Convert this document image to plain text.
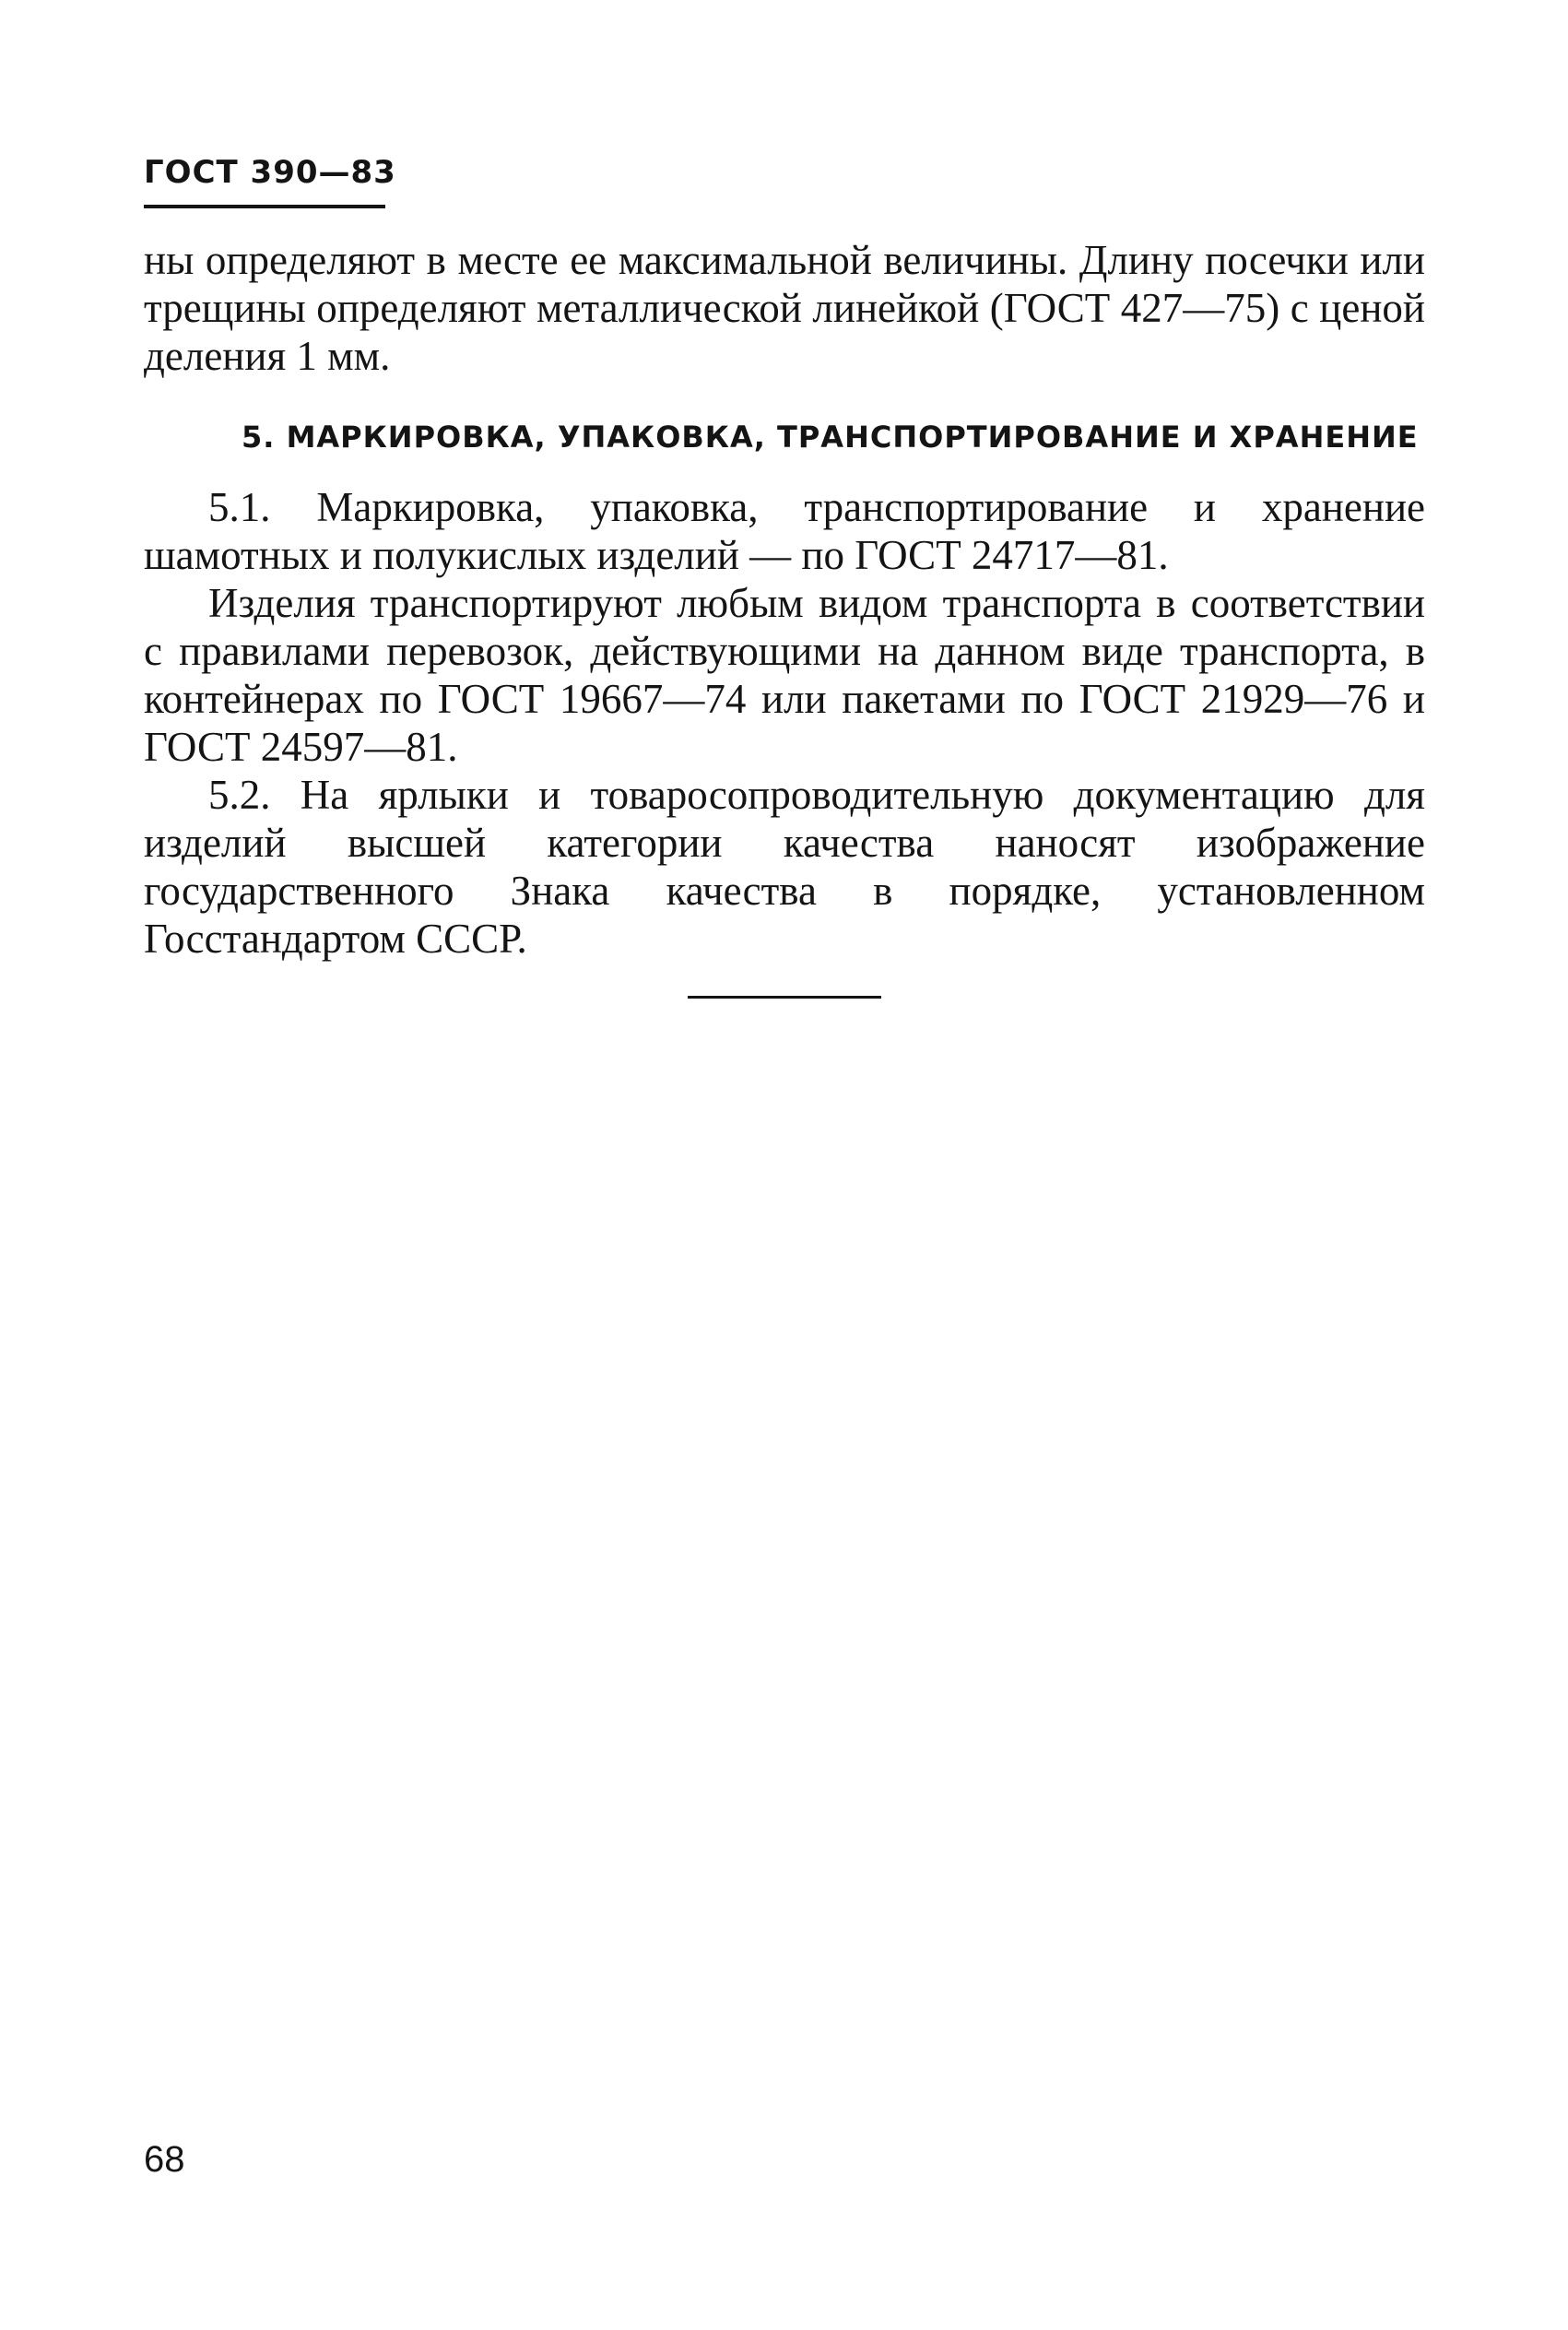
ГОСТ 390—83

ны определяют в месте ее максимальной величины. Длину посечки или трещины определяют металлической линейкой (ГОСТ 427—75) с ценой деления 1 мм.

5. МАРКИРОВКА, УПАКОВКА, ТРАНСПОРТИРОВАНИЕ И ХРАНЕНИЕ

5.1. Маркировка, упаковка, транспортирование и хранение шамотных и полукислых изделий — по ГОСТ 24717—81.

Изделия транспортируют любым видом транспорта в соответствии с правилами перевозок, действующими на данном виде транспорта, в контейнерах по ГОСТ 19667—74 или пакетами по ГОСТ 21929—76 и ГОСТ 24597—81.

5.2. На ярлыки и товаросопроводительную документацию для изделий высшей категории качества наносят изображение государственного Знака качества в порядке, установленном Госстандартом СССР.

68
